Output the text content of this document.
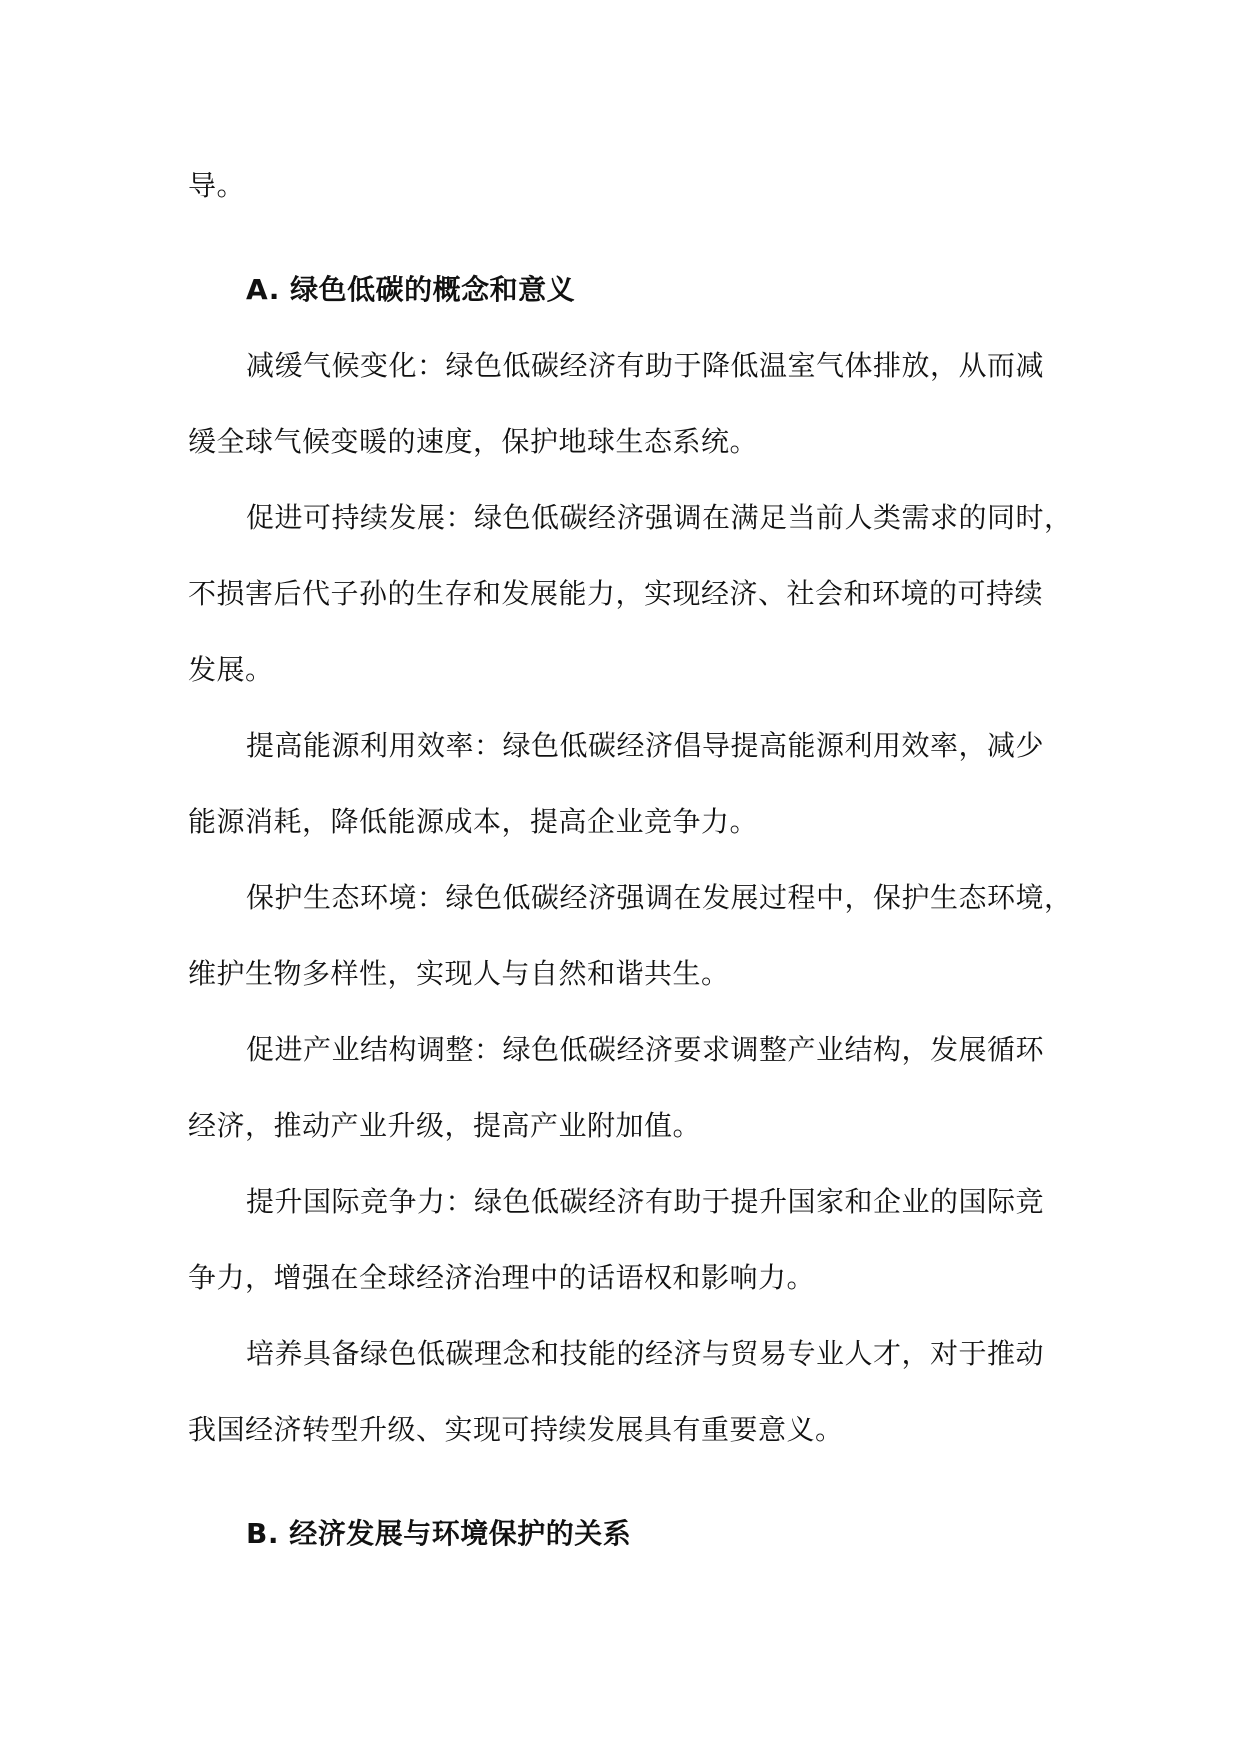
导。
A. 绿色低碳的概念和意义
减缓气候变化：绿色低碳经济有助于降低温室气体排放，从而减
缓全球气候变暖的速度，保护地球生态系统。
促进可持续发展：绿色低碳经济强调在满足当前人类需求的同时，
不损害后代子孙的生存和发展能力，实现经济、社会和环境的可持续
发展。
提高能源利用效率：绿色低碳经济倡导提高能源利用效率，减少
能源消耗，降低能源成本，提高企业竞争力。
保护生态环境：绿色低碳经济强调在发展过程中，保护生态环境，
维护生物多样性，实现人与自然和谐共生。
促进产业结构调整：绿色低碳经济要求调整产业结构，发展循环
经济，推动产业升级，提高产业附加值。
提升国际竞争力：绿色低碳经济有助于提升国家和企业的国际竞
争力，增强在全球经济治理中的话语权和影响力。
培养具备绿色低碳理念和技能的经济与贸易专业人才，对于推动
我国经济转型升级、实现可持续发展具有重要意义。
B. 经济发展与环境保护的关系
